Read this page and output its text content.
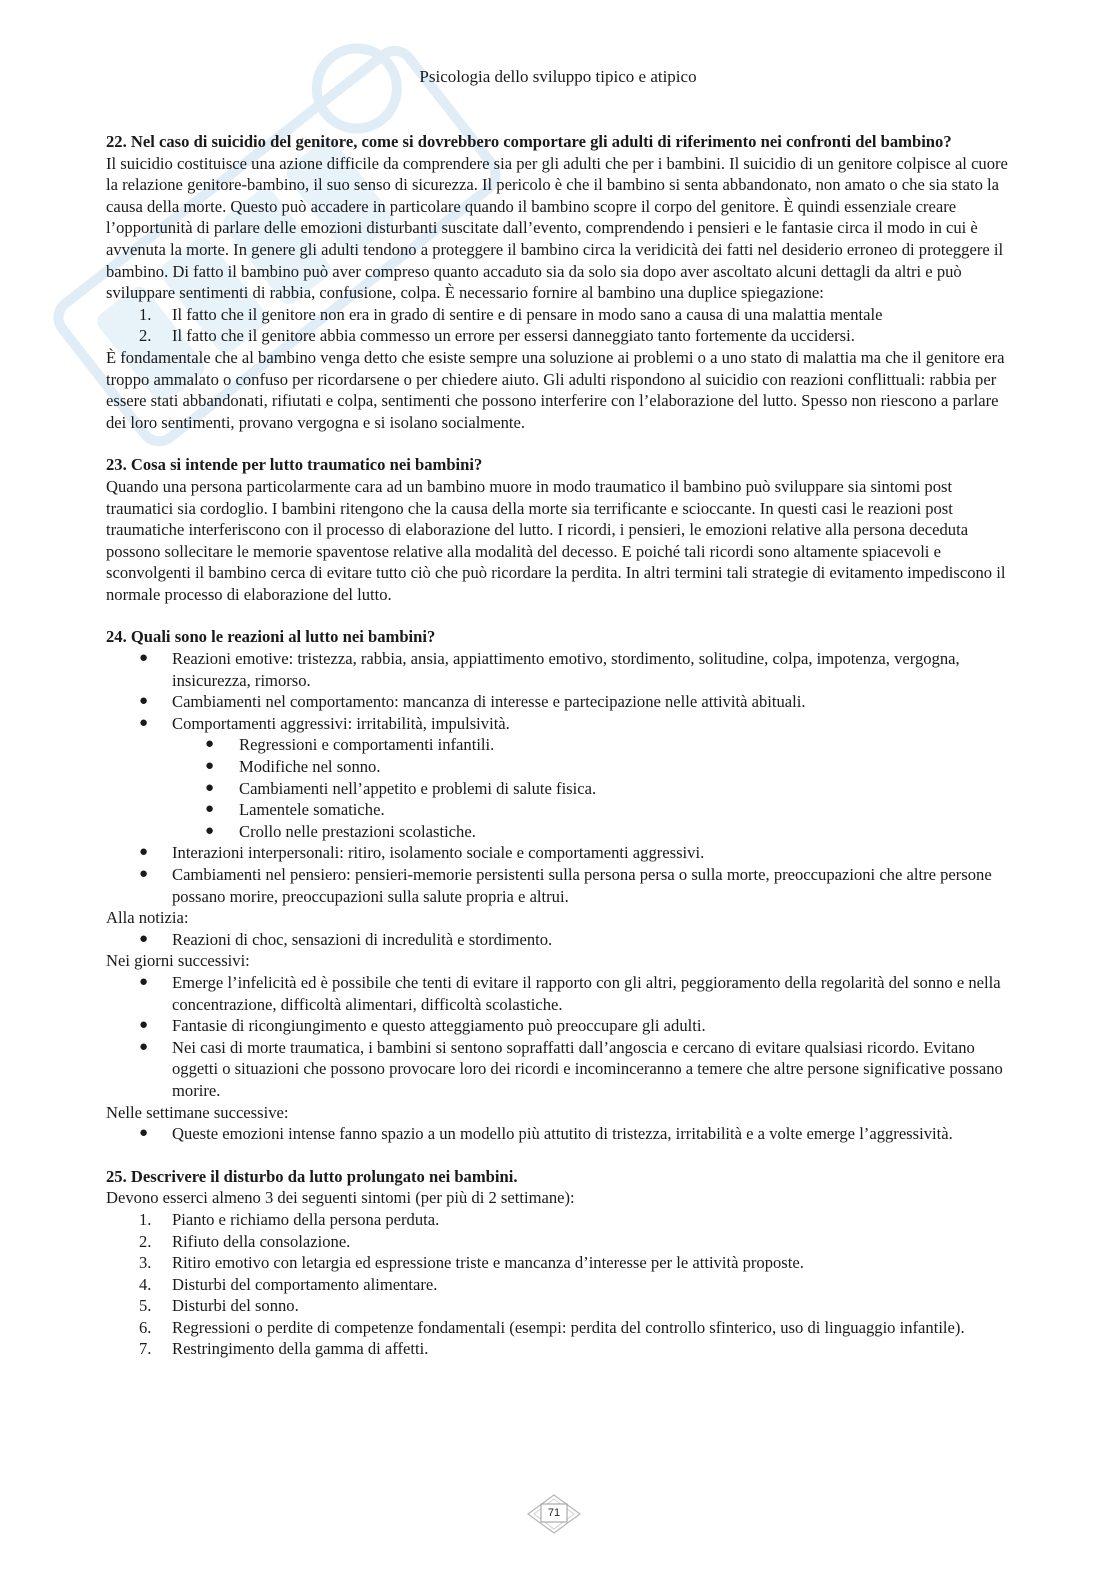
Psicologia dello sviluppo tipico e atipico

22. Nel caso di suicidio del genitore, come si dovrebbero comportare gli adulti di riferimento nei confronti del bambino?

Il suicidio costituisce una azione difficile da comprendere sia per gli adulti che per i bambini. Il suicidio di un genitore colpisce al cuore la relazione genitore-bambino, il suo senso di sicurezza. Il pericolo è che il bambino si senta abbandonato, non amato o che sia stato la causa della morte. Questo può accadere in particolare quando il bambino scopre il corpo del genitore. È quindi essenziale creare l’opportunità di parlare delle emozioni disturbanti suscitate dall’evento, comprendendo i pensieri e le fantasie circa il modo in cui è avvenuta la morte. In genere gli adulti tendono a proteggere il bambino circa la veridicità dei fatti nel desiderio erroneo di proteggere il bambino. Di fatto il bambino può aver compreso quanto accaduto sia da solo sia dopo aver ascoltato alcuni dettagli da altri e può sviluppare sentimenti di rabbia, confusione, colpa. È necessario fornire al bambino una duplice spiegazione:

1. Il fatto che il genitore non era in grado di sentire e di pensare in modo sano a causa di una malattia mentale
2. Il fatto che il genitore abbia commesso un errore per essersi danneggiato tanto fortemente da uccidersi.

È fondamentale che al bambino venga detto che esiste sempre una soluzione ai problemi o a uno stato di malattia ma che il genitore era troppo ammalato o confuso per ricordarsene o per chiedere aiuto. Gli adulti rispondono al suicidio con reazioni conflittuali: rabbia per essere stati abbandonati, rifiutati e colpa, sentimenti che possono interferire con l’elaborazione del lutto. Spesso non riescono a parlare dei loro sentimenti, provano vergogna e si isolano socialmente.

23. Cosa si intende per lutto traumatico nei bambini?

Quando una persona particolarmente cara ad un bambino muore in modo traumatico il bambino può sviluppare sia sintomi post traumatici sia cordoglio. I bambini ritengono che la causa della morte sia terrificante e scioccante. In questi casi le reazioni post traumatiche interferiscono con il processo di elaborazione del lutto. I ricordi, i pensieri, le emozioni relative alla persona deceduta possono sollecitare le memorie spaventose relative alla modalità del decesso. E poiché tali ricordi sono altamente spiacevoli e sconvolgenti il bambino cerca di evitare tutto ciò che può ricordare la perdita. In altri termini tali strategie di evitamento impediscono il normale processo di elaborazione del lutto.

24. Quali sono le reazioni al lutto nei bambini?

● Reazioni emotive: tristezza, rabbia, ansia, appiattimento emotivo, stordimento, solitudine, colpa, impotenza, vergogna, insicurezza, rimorso.
● Cambiamenti nel comportamento: mancanza di interesse e partecipazione nelle attività abituali.
● Comportamenti aggressivi: irritabilità, impulsività.
● Regressioni e comportamenti infantili.
● Modifiche nel sonno.
● Cambiamenti nell’appetito e problemi di salute fisica.
● Lamentele somatiche.
● Crollo nelle prestazioni scolastiche.
● Interazioni interpersonali: ritiro, isolamento sociale e comportamenti aggressivi.
● Cambiamenti nel pensiero: pensieri-memorie persistenti sulla persona persa o sulla morte, preoccupazioni che altre persone possano morire, preoccupazioni sulla salute propria e altrui.

Alla notizia:

● Reazioni di choc, sensazioni di incredulità e stordimento.

Nei giorni successivi:

● Emerge l’infelicità ed è possibile che tenti di evitare il rapporto con gli altri, peggioramento della regolarità del sonno e nella concentrazione, difficoltà alimentari, difficoltà scolastiche.
● Fantasie di ricongiungimento e questo atteggiamento può preoccupare gli adulti.
● Nei casi di morte traumatica, i bambini si sentono sopraffatti dall’angoscia e cercano di evitare qualsiasi ricordo. Evitano oggetti o situazioni che possono provocare loro dei ricordi e incominceranno a temere che altre persone significative possano morire.

Nelle settimane successive:

● Queste emozioni intense fanno spazio a un modello più attutito di tristezza, irritabilità e a volte emerge l’aggressività.

25. Descrivere il disturbo da lutto prolungato nei bambini.

Devono esserci almeno 3 dei seguenti sintomi (per più di 2 settimane):

1. Pianto e richiamo della persona perduta.
2. Rifiuto della consolazione.
3. Ritiro emotivo con letargia ed espressione triste e mancanza d’interesse per le attività proposte.
4. Disturbi del comportamento alimentare.
5. Disturbi del sonno.
6. Regressioni o perdite di competenze fondamentali (esempi: perdita del controllo sfinterico, uso di linguaggio infantile).
7. Restringimento della gamma di affetti.
71
